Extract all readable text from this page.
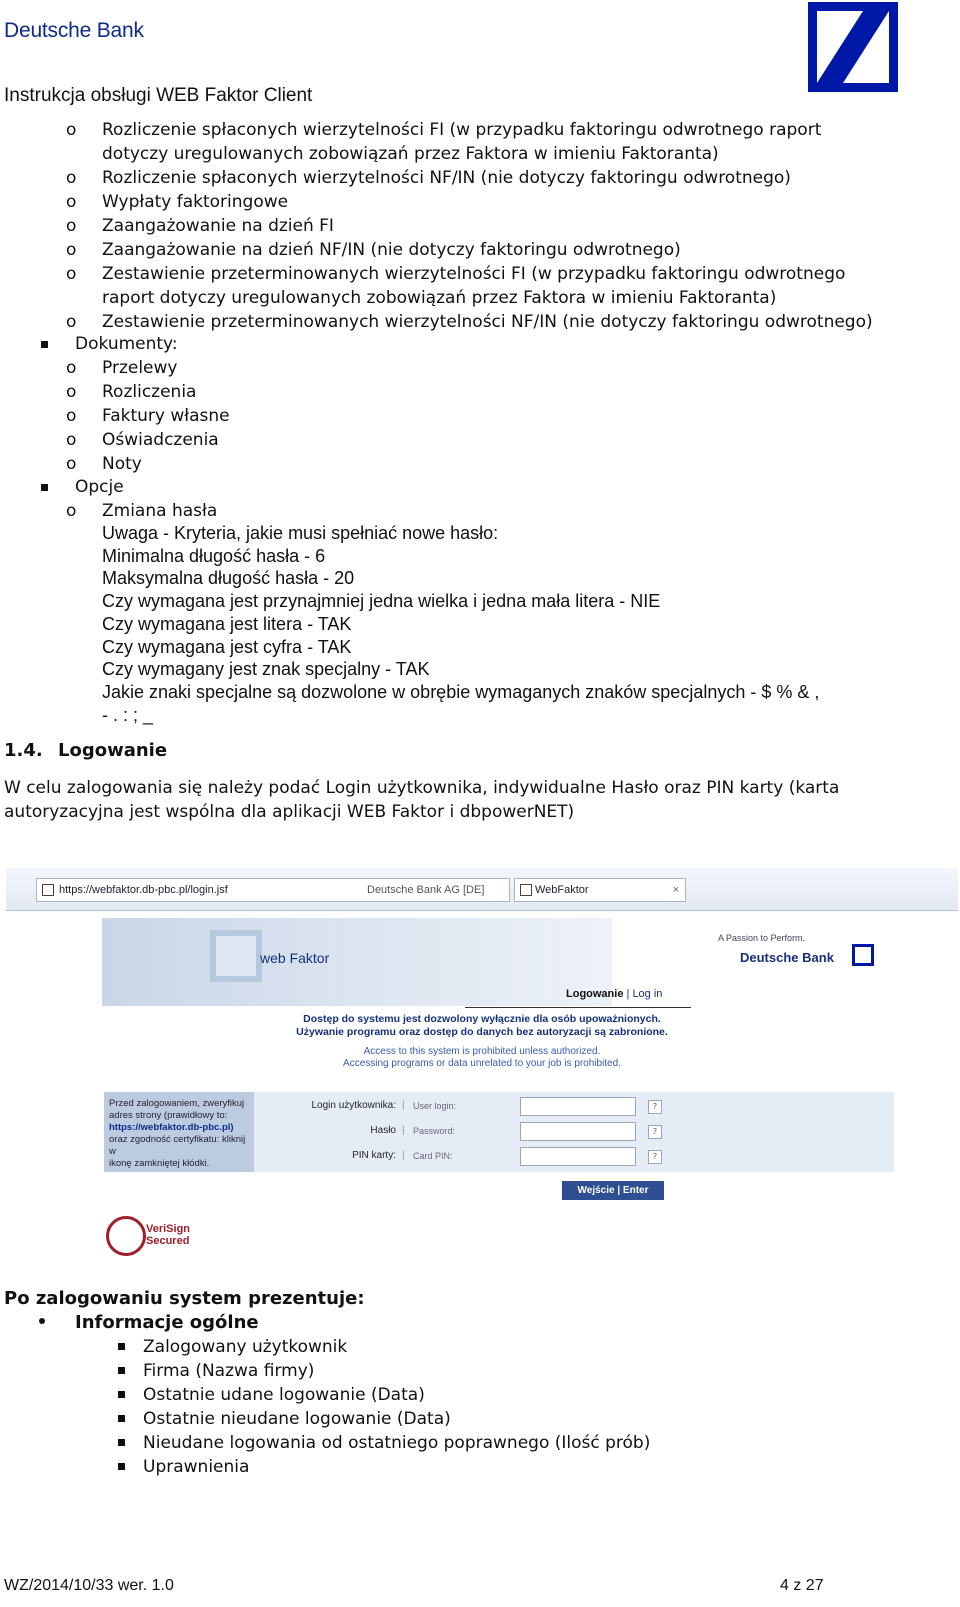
Deutsche Bank
Instrukcja obsługi WEB Faktor Client
o Rozliczenie spłaconych wierzytelności FI (w przypadku faktoringu odwrotnego raport
dotyczy uregulowanych zobowiązań przez Faktora w imieniu Faktoranta)
o Rozliczenie spłaconych wierzytelności NF/IN (nie dotyczy faktoringu odwrotnego)
o Wypłaty faktoringowe
o Zaangażowanie na dzień FI
o Zaangażowanie na dzień NF/IN (nie dotyczy faktoringu odwrotnego)
o Zestawienie przeterminowanych wierzytelności FI (w przypadku faktoringu odwrotnego
raport dotyczy uregulowanych zobowiązań przez Faktora w imieniu Faktoranta)
o Zestawienie przeterminowanych wierzytelności NF/IN (nie dotyczy faktoringu odwrotnego)
Dokumenty:
o Przelewy
o Rozliczenia
o Faktury własne
o Oświadczenia
o Noty
Opcje
o Zmiana hasła
Uwaga - Kryteria, jakie musi spełniać nowe hasło:
Minimalna długość hasła - 6
Maksymalna długość hasła - 20
Czy wymagana jest przynajmniej jedna wielka i jedna mała litera - NIE
Czy wymagana jest litera - TAK
Czy wymagana jest cyfra - TAK
Czy wymagany jest znak specjalny - TAK
Jakie znaki specjalne są dozwolone w obrębie wymaganych znaków specjalnych - $ % & ,
- . : ; _
1.4. Logowanie
W celu zalogowania się należy podać Login użytkownika, indywidualne Hasło oraz PIN karty (karta
autoryzacyjna jest wspólna dla aplikacji WEB Faktor i dbpowerNET)
https://webfaktor.db-pbc.pl/login.jsf	Deutsche Bank AG [DE]	WebFaktor	×
web Faktor
A Passion to Perform.
Deutsche Bank
Logowanie | Log in
Dostęp do systemu jest dozwolony wyłącznie dla osób upoważnionych.
Używanie programu oraz dostęp do danych bez autoryzacji są zabronione.
Access to this system is prohibited unless authorized.
Accessing programs or data unrelated to your job is prohibited.
Przed zalogowaniem, zweryfikuj
adres strony (prawidłowy to:
https://webfaktor.db-pbc.pl)
oraz zgodność certyfikatu: kliknij w
ikonę zamkniętej kłódki.
Login użytkownika: | User login:	?
Hasło | Password:	?
PIN karty: | Card PIN:	?
Wejście | Enter
VeriSign
Secured
Po zalogowaniu system prezentuje:
Informacje ogólne
Zalogowany użytkownik
Firma (Nazwa firmy)
Ostatnie udane logowanie (Data)
Ostatnie nieudane logowanie (Data)
Nieudane logowania od ostatniego poprawnego (Ilość prób)
Uprawnienia
WZ/2014/10/33 wer. 1.0	4 z 27
